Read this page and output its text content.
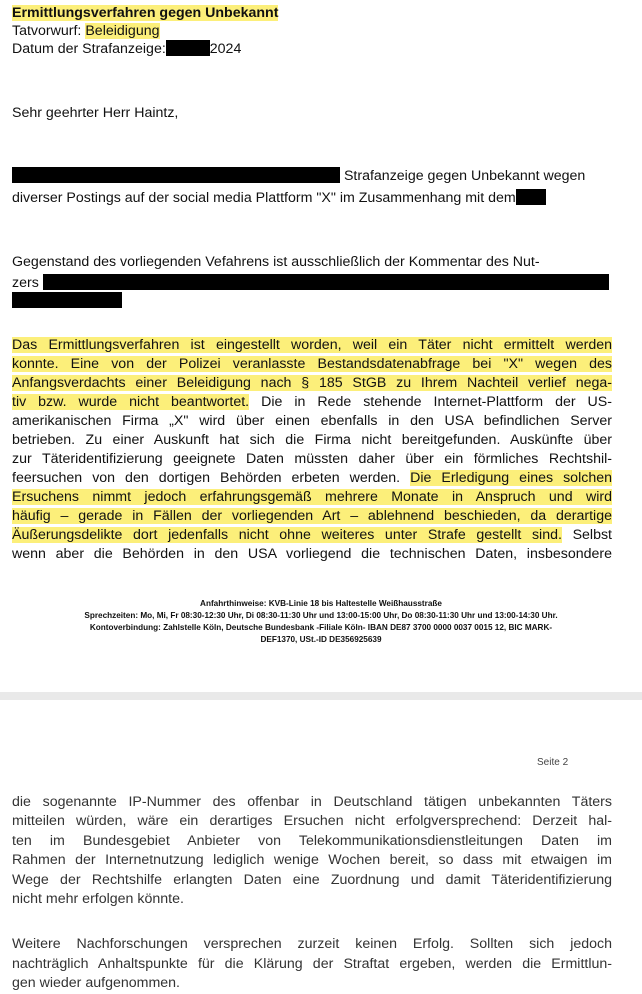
Ermittlungsverfahren gegen Unbekannt
Tatvorwurf: Beleidigung
Datum der Strafanzeige:	2024
Sehr geehrter Herr Haintz,
Strafanzeige gegen Unbekannt wegen
diverser Postings auf der social media Plattform "X" im Zusammenhang mit dem
Gegenstand des vorliegenden Vefahrens ist ausschließlich der Kommentar des Nut-
zers
Das Ermittlungsverfahren ist eingestellt worden, weil ein Täter nicht ermittelt werden
konnte. Eine von der Polizei veranlasste Bestandsdatenabfrage bei "X" wegen des
Anfangsverdachts einer Beleidigung nach § 185 StGB zu Ihrem Nachteil verlief nega-
tiv bzw. wurde nicht beantwortet. Die in Rede stehende Internet-Plattform der US-
amerikanischen Firma „X" wird über einen ebenfalls in den USA befindlichen Server
betrieben. Zu einer Auskunft hat sich die Firma nicht bereitgefunden. Auskünfte über
zur Täteridentifizierung geeignete Daten müssten daher über ein förmliches Rechtshil-
feersuchen von den dortigen Behörden erbeten werden. Die Erledigung eines solchen
Ersuchens nimmt jedoch erfahrungsgemäß mehrere Monate in Anspruch und wird
häufig – gerade in Fällen der vorliegenden Art – ablehnend beschieden, da derartige
Äußerungsdelikte dort jedenfalls nicht ohne weiteres unter Strafe gestellt sind. Selbst
wenn aber die Behörden in den USA vorliegend die technischen Daten, insbesondere
Anfahrthinweise: KVB-Linie 18 bis Haltestelle Weißhausstraße
Sprechzeiten: Mo, Mi, Fr 08:30-12:30 Uhr, Di 08:30-11:30 Uhr und 13:00-15:00 Uhr, Do 08:30-11:30 Uhr und 13:00-14:30 Uhr.
Kontoverbindung: Zahlstelle Köln, Deutsche Bundesbank -Filiale Köln- IBAN DE87 3700 0000 0037 0015 12, BIC MARK-
DEF1370, USt.-ID DE356925639
Seite 2
die sogenannte IP-Nummer des offenbar in Deutschland tätigen unbekannten Täters
mitteilen würden, wäre ein derartiges Ersuchen nicht erfolgversprechend: Derzeit hal-
ten im Bundesgebiet Anbieter von Telekommunikationsdienstleitungen Daten im
Rahmen der Internetnutzung lediglich wenige Wochen bereit, so dass mit etwaigen im
Wege der Rechtshilfe erlangten Daten eine Zuordnung und damit Täteridentifizierung
nicht mehr erfolgen könnte.
Weitere Nachforschungen versprechen zurzeit keinen Erfolg. Sollten sich jedoch
nachträglich Anhaltspunkte für die Klärung der Straftat ergeben, werden die Ermittlun-
gen wieder aufgenommen.
